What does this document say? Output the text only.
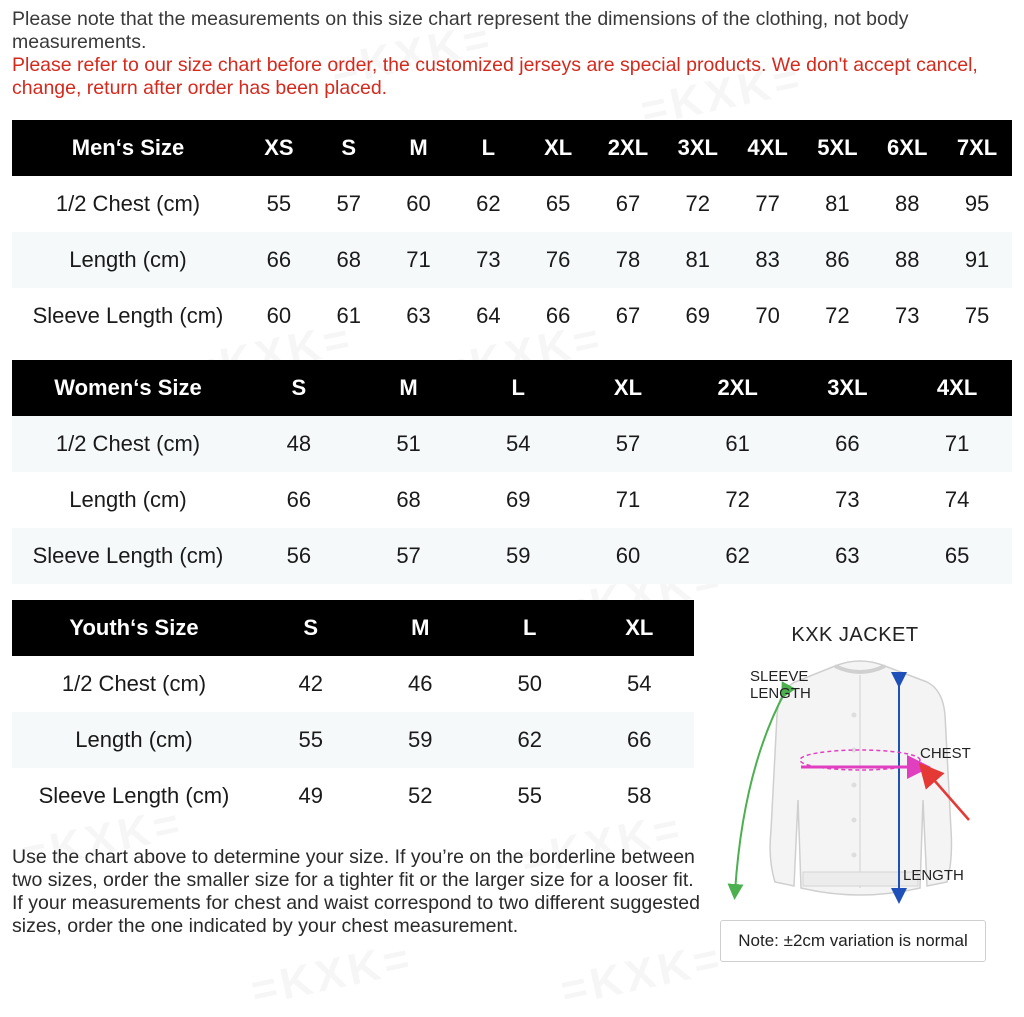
Please note that the measurements on this size chart represent the dimensions of the clothing, not body measurements.
Please refer to our size chart before order, the customized jerseys are special products. We don't accept cancel, change, return after order has been placed.
Men‘s Size	XS	S	M	L	XL	2XL	3XL	4XL	5XL	6XL	7XL
1/2 Chest (cm)	55	57	60	62	65	67	72	77	81	88	95
Length (cm)	66	68	71	73	76	78	81	83	86	88	91
Sleeve Length (cm)	60	61	63	64	66	67	69	70	72	73	75
Women‘s Size	S	M	L	XL	2XL	3XL	4XL
1/2 Chest (cm)	48	51	54	57	61	66	71
Length (cm)	66	68	69	71	72	73	74
Sleeve Length (cm)	56	57	59	60	62	63	65
Youth‘s Size	S	M	L	XL
1/2 Chest (cm)	42	46	50	54
Length (cm)	55	59	62	66
Sleeve Length (cm)	49	52	55	58
Use the chart above to determine your size. If you’re on the borderline between two sizes, order the smaller size for a tighter fit or the larger size for a looser fit. If your measurements for chest and waist correspond to two different suggested sizes, order the one indicated by your chest measurement.
KXK JACKET
SLEEVE
LENGTH
CHEST
LENGTH
Note: ±2cm variation is normal
